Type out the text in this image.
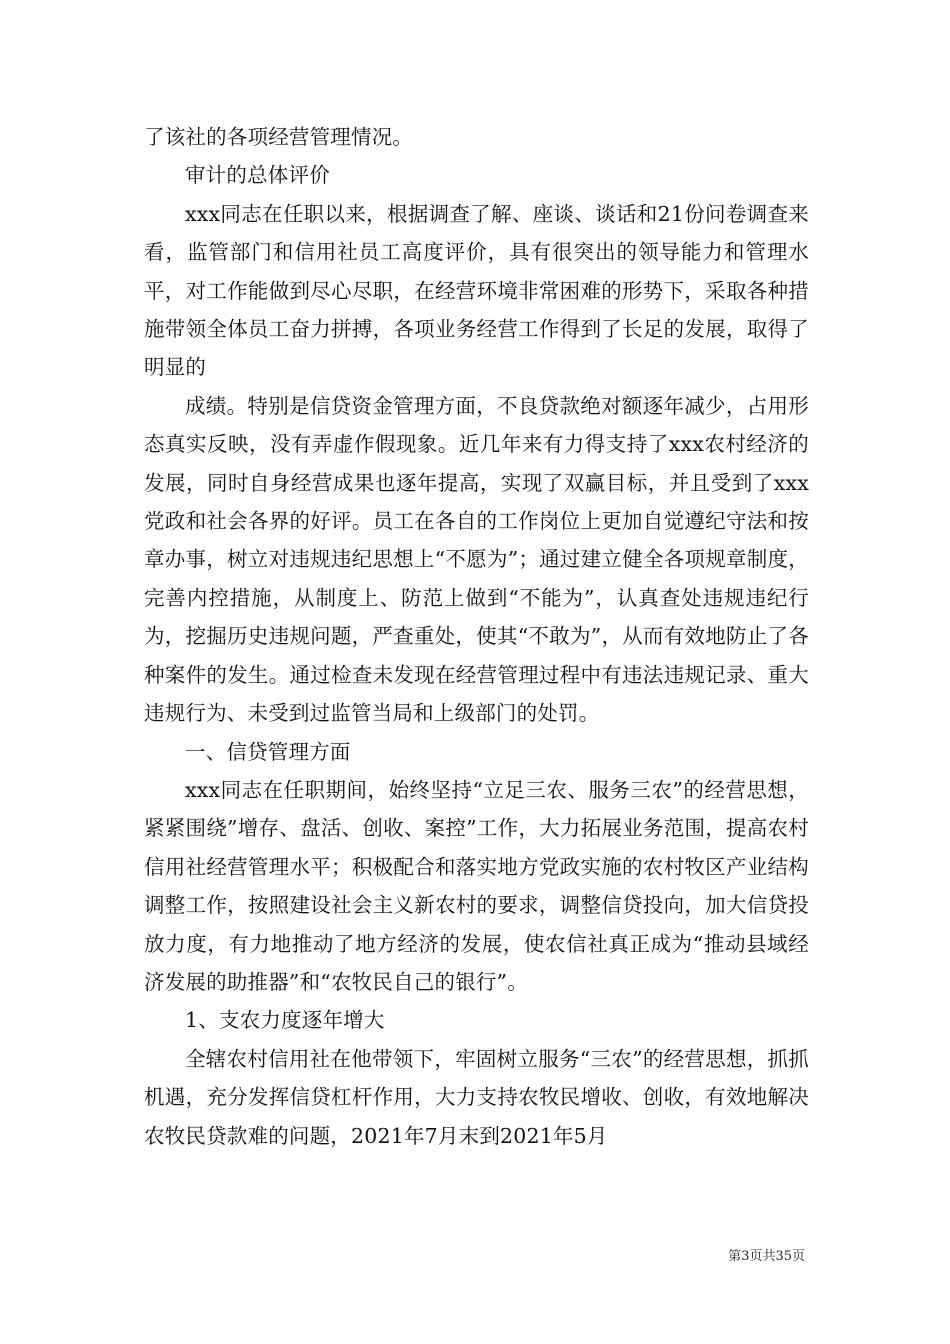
了该社的各项经营管理情况。

审计的总体评价

xxx同志在任职以来，根据调查了解、座谈、谈话和21份问卷调查来看，监管部门和信用社员工高度评价，具有很突出的领导能力和管理水平，对工作能做到尽心尽职，在经营环境非常困难的形势下，采取各种措施带领全体员工奋力拼搏，各项业务经营工作得到了长足的发展，取得了明显的

成绩。特别是信贷资金管理方面，不良贷款绝对额逐年减少，占用形态真实反映，没有弄虚作假现象。近几年来有力得支持了xxx农村经济的发展，同时自身经营成果也逐年提高，实现了双赢目标，并且受到了xxx党政和社会各界的好评。员工在各自的工作岗位上更加自觉遵纪守法和按章办事，树立对违规违纪思想上“不愿为”；通过建立健全各项规章制度，完善内控措施，从制度上、防范上做到“不能为”，认真查处违规违纪行为，挖掘历史违规问题，严查重处，使其“不敢为”，从而有效地防止了各种案件的发生。通过检查未发现在经营管理过程中有违法违规记录、重大违规行为、未受到过监管当局和上级部门的处罚。

一、信贷管理方面

xxx同志在任职期间，始终坚持“立足三农、服务三农”的经营思想，紧紧围绕”增存、盘活、创收、案控”工作，大力拓展业务范围，提高农村信用社经营管理水平；积极配合和落实地方党政实施的农村牧区产业结构调整工作，按照建设社会主义新农村的要求，调整信贷投向，加大信贷投放力度，有力地推动了地方经济的发展，使农信社真正成为“推动县域经济发展的助推器”和“农牧民自己的银行”。

1、支农力度逐年增大

全辖农村信用社在他带领下，牢固树立服务“三农”的经营思想，抓抓机遇，充分发挥信贷杠杆作用，大力支持农牧民增收、创收，有效地解决农牧民贷款难的问题，2021年7月末到2021年5月

第3页共35页
